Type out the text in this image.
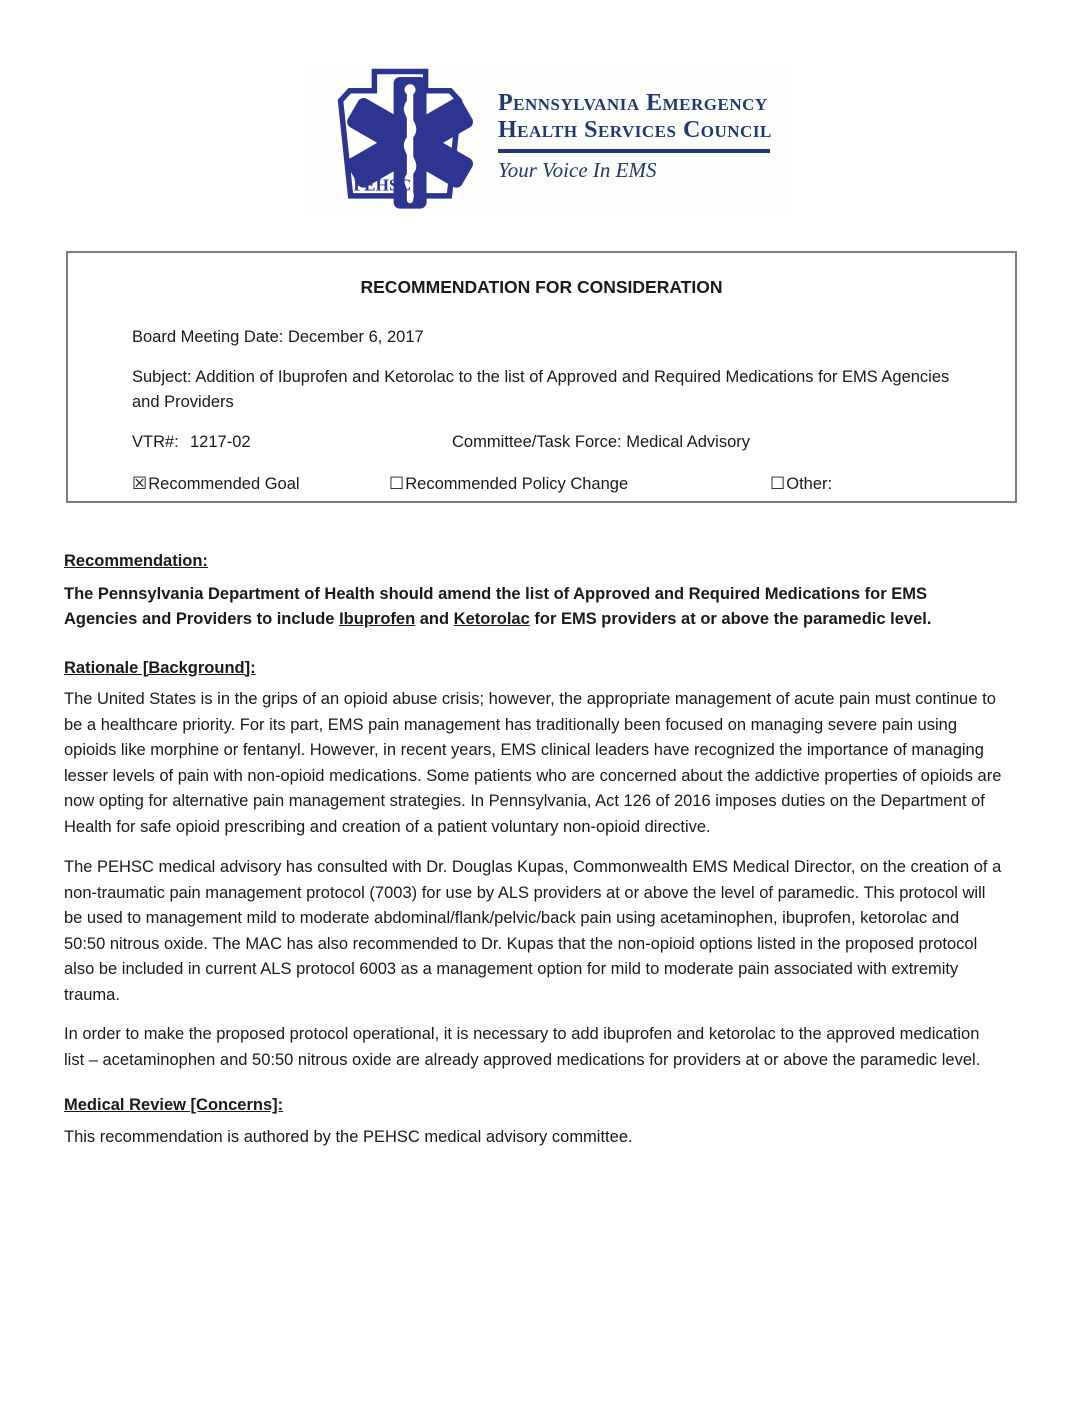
PEHSC
Pennsylvania Emergency
Health Services Council
Your Voice In EMS
RECOMMENDATION FOR CONSIDERATION
Board Meeting Date: December 6, 2017
Subject: Addition of Ibuprofen and Ketorolac to the list of Approved and Required Medications for EMS Agencies and Providers
VTR#: 1217-02	Committee/Task Force: Medical Advisory
☒Recommended Goal	☐Recommended Policy Change	☐Other:
Recommendation:
The Pennsylvania Department of Health should amend the list of Approved and Required Medications for EMS Agencies and Providers to include Ibuprofen and Ketorolac for EMS providers at or above the paramedic level.
Rationale [Background]:
The United States is in the grips of an opioid abuse crisis; however, the appropriate management of acute pain must continue to be a healthcare priority. For its part, EMS pain management has traditionally been focused on managing severe pain using opioids like morphine or fentanyl. However, in recent years, EMS clinical leaders have recognized the importance of managing lesser levels of pain with non-opioid medications. Some patients who are concerned about the addictive properties of opioids are now opting for alternative pain management strategies. In Pennsylvania, Act 126 of 2016 imposes duties on the Department of Health for safe opioid prescribing and creation of a patient voluntary non-opioid directive.
The PEHSC medical advisory has consulted with Dr. Douglas Kupas, Commonwealth EMS Medical Director, on the creation of a non-traumatic pain management protocol (7003) for use by ALS providers at or above the level of paramedic. This protocol will be used to management mild to moderate abdominal/flank/pelvic/back pain using acetaminophen, ibuprofen, ketorolac and 50:50 nitrous oxide. The MAC has also recommended to Dr. Kupas that the non-opioid options listed in the proposed protocol also be included in current ALS protocol 6003 as a management option for mild to moderate pain associated with extremity trauma.
In order to make the proposed protocol operational, it is necessary to add ibuprofen and ketorolac to the approved medication list – acetaminophen and 50:50 nitrous oxide are already approved medications for providers at or above the paramedic level.
Medical Review [Concerns]:
This recommendation is authored by the PEHSC medical advisory committee.
